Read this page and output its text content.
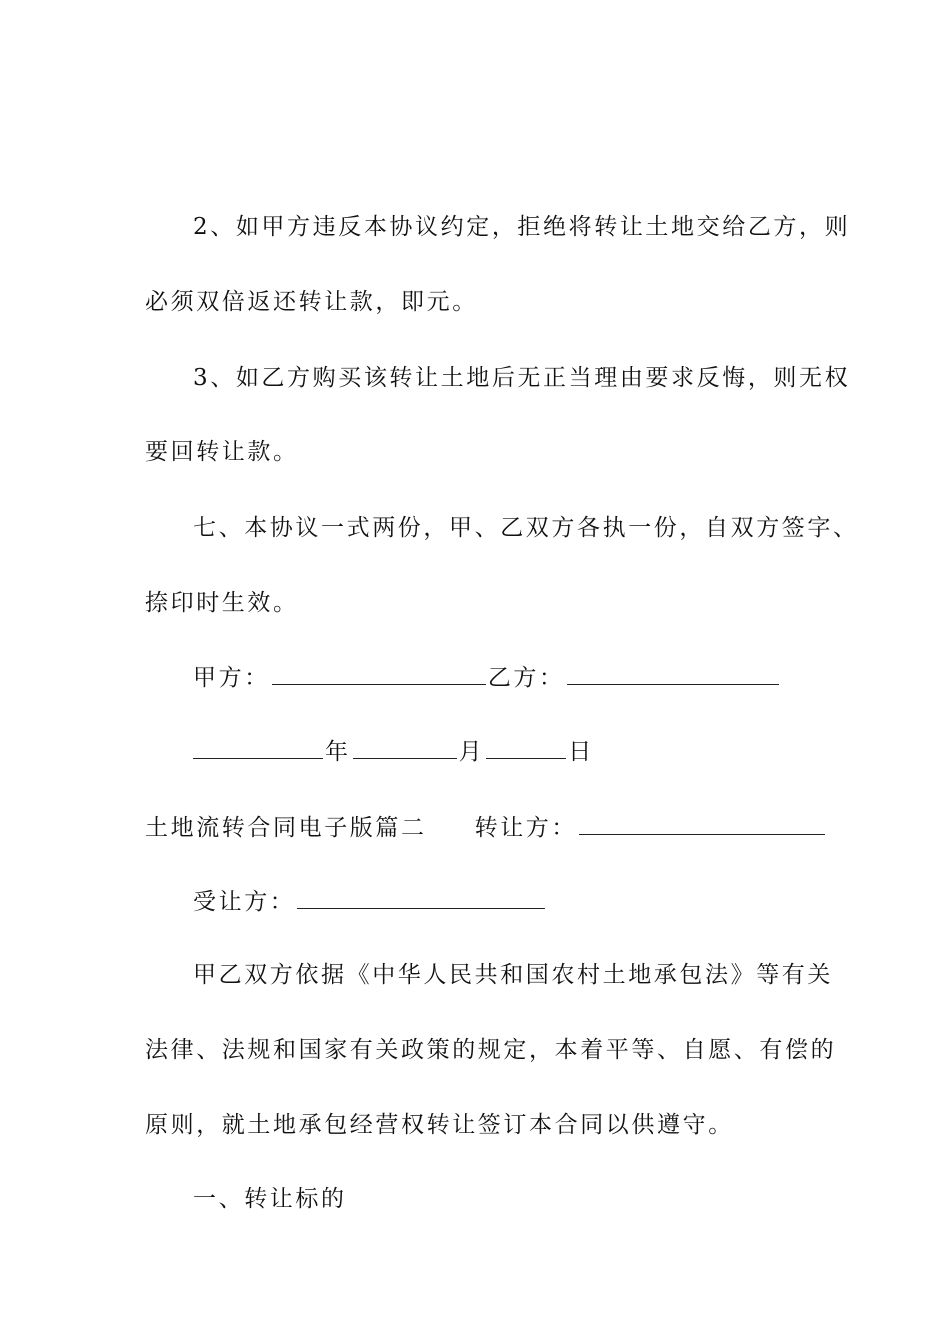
2、如甲方违反本协议约定，拒绝将转让土地交给乙方，则
必须双倍返还转让款，即元。
3、如乙方购买该转让土地后无正当理由要求反悔，则无权
要回转让款。
七、本协议一式两份，甲、乙双方各执一份，自双方签字、
捺印时生效。
甲方：	乙方：
年	月	日
土地流转合同电子版篇二 转让方：
受让方：
甲乙双方依据《中华人民共和国农村土地承包法》等有关
法律、法规和国家有关政策的规定，本着平等、自愿、有偿的
原则，就土地承包经营权转让签订本合同以供遵守。
一、转让标的
